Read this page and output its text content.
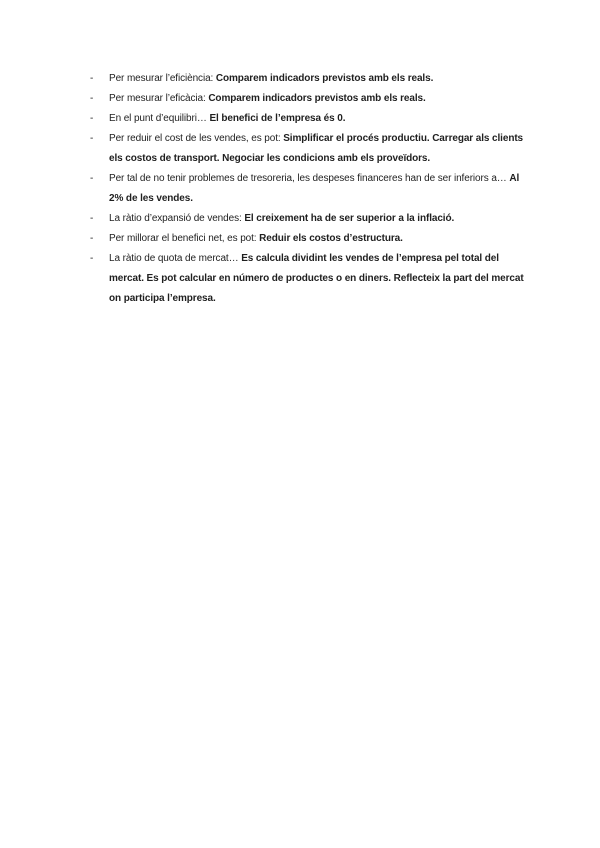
-	Per mesurar l’eficiència: Comparem indicadors previstos amb els reals.
-	Per mesurar l’eficàcia: Comparem indicadors previstos amb els reals.
-	En el punt d’equilibri… El benefici de l’empresa és 0.
-	Per reduir el cost de les vendes, es pot: Simplificar el procés productiu. Carregar als clients els costos de transport. Negociar les condicions amb els proveïdors.
-	Per tal de no tenir problemes de tresoreria, les despeses financeres han de ser inferiors a… Al 2% de les vendes.
-	La ràtio d’expansió de vendes: El creixement ha de ser superior a la inflació.
-	Per millorar el benefici net, es pot: Reduir els costos d’estructura.
-	La ràtio de quota de mercat… Es calcula dividint les vendes de l’empresa pel total del mercat. Es pot calcular en número de productes o en diners. Reflecteix la part del mercat on participa l’empresa.
